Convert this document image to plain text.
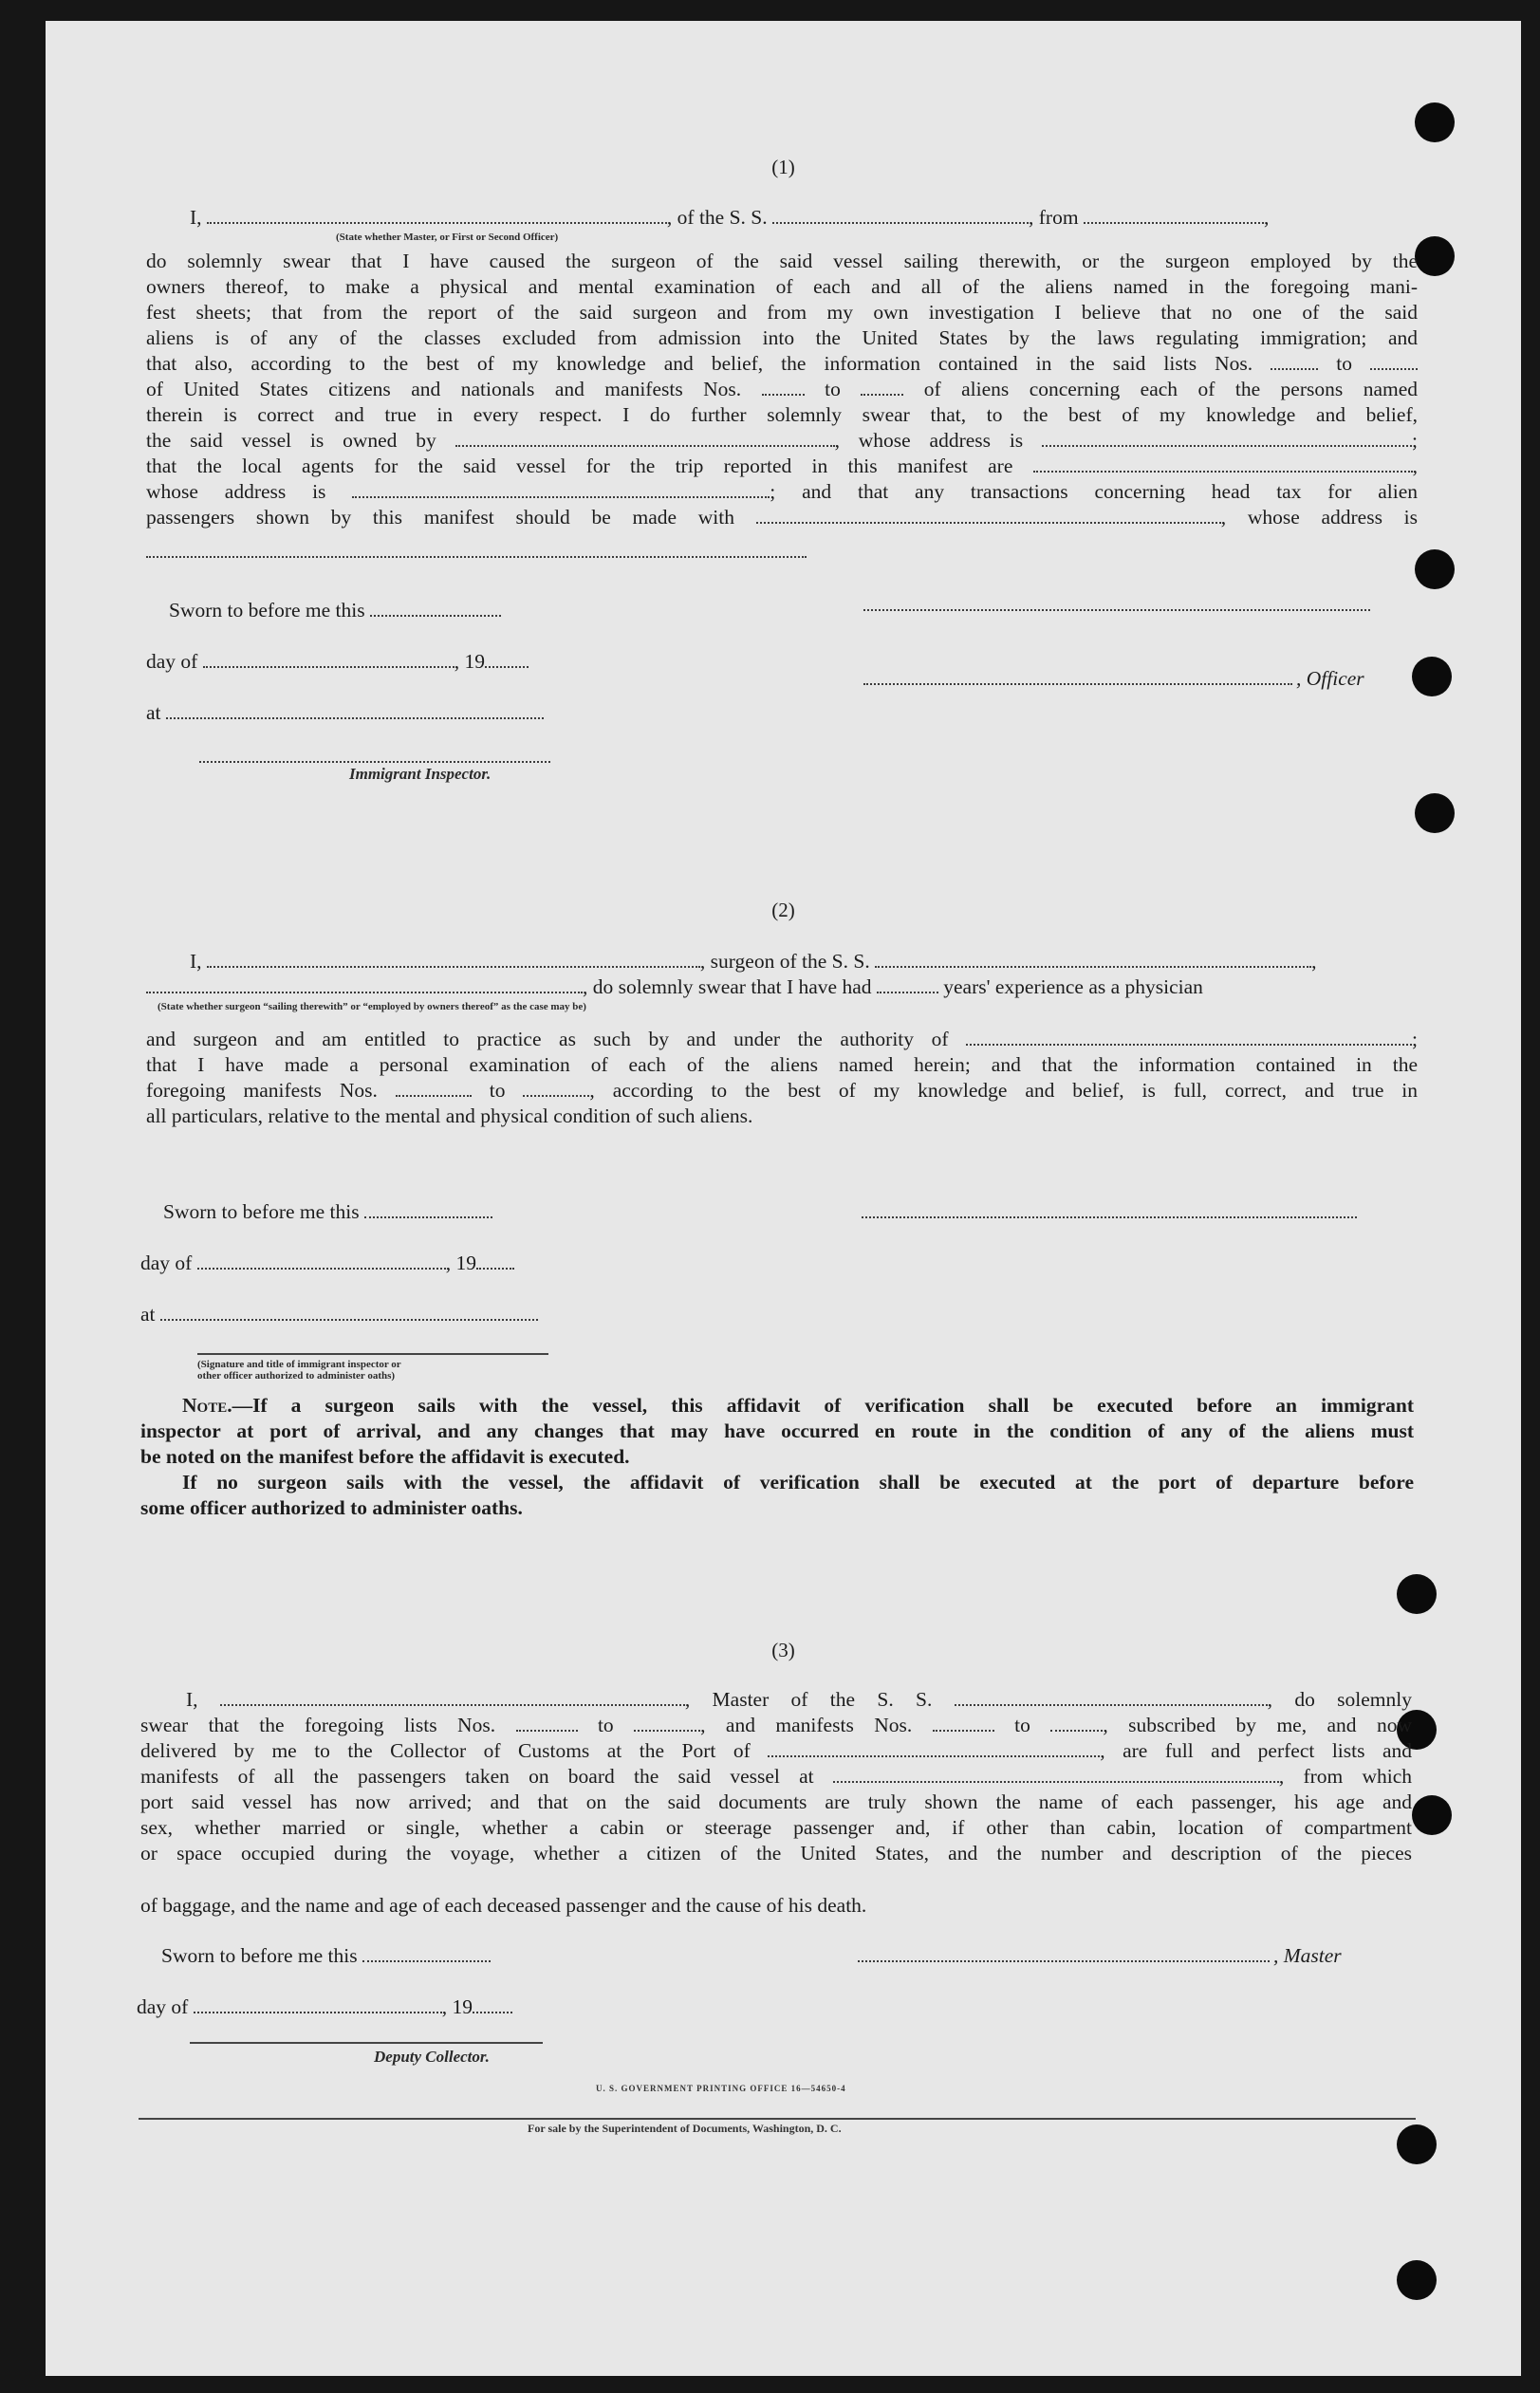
(1)
I,	, of the S. S.	, from	,
(State whether Master, or First or Second Officer)
do solemnly swear that I have caused the surgeon of the said vessel sailing therewith, or the surgeon employed by the
owners thereof, to make a physical and mental examination of each and all of the aliens named in the foregoing mani-
fest sheets; that from the report of the said surgeon and from my own investigation I believe that no one of the said
aliens is of any of the classes excluded from admission into the United States by the laws regulating immigration; and
that also, according to the best of my knowledge and belief, the information contained in the said lists Nos.	to
of United States citizens and nationals and manifests Nos.	to	of aliens concerning each of the persons named
therein is correct and true in every respect. I do further solemnly swear that, to the best of my knowledge and belief,
the said vessel is owned by	, whose address is	;
that the local agents for the said vessel for the trip reported in this manifest are	,
whose address is	; and that any transactions concerning head tax for alien
passengers shown by this manifest should be made with	, whose address is
Sworn to before me this
day of	, 19
, Officer
at
Immigrant Inspector.
(2)
I,	, surgeon of the S. S.	,
, do solemnly swear that I have had	years' experience as a physician
(State whether surgeon “sailing therewith” or “employed by owners thereof” as the case may be)
and surgeon and am entitled to practice as such by and under the authority of	;
that I have made a personal examination of each of the aliens named herein; and that the information contained in the
foregoing manifests Nos.	to	, according to the best of my knowledge and belief, is full, correct, and true in
all particulars, relative to the mental and physical condition of such aliens.
Sworn to before me this
day of	, 19
at
(Signature and title of immigrant inspector or
other officer authorized to administer oaths)
Note.—If a surgeon sails with the vessel, this affidavit of verification shall be executed before an immigrant
inspector at port of arrival, and any changes that may have occurred en route in the condition of any of the aliens must
be noted on the manifest before the affidavit is executed.
If no surgeon sails with the vessel, the affidavit of verification shall be executed at the port of departure before
some officer authorized to administer oaths.
(3)
I,	, Master of the S. S.	, do solemnly
swear that the foregoing lists Nos.	to	, and manifests Nos.	to	, subscribed by me, and now
delivered by me to the Collector of Customs at the Port of	, are full and perfect lists and
manifests of all the passengers taken on board the said vessel at	, from which
port said vessel has now arrived; and that on the said documents are truly shown the name of each passenger, his age and
sex, whether married or single, whether a cabin or steerage passenger and, if other than cabin, location of compartment
or space occupied during the voyage, whether a citizen of the United States, and the number and description of the pieces
of baggage, and the name and age of each deceased passenger and the cause of his death.
Sworn to before me this	, Master
day of	, 19
Deputy Collector.
U. S. GOVERNMENT PRINTING OFFICE 16—54650-4
For sale by the Superintendent of Documents, Washington, D. C.
